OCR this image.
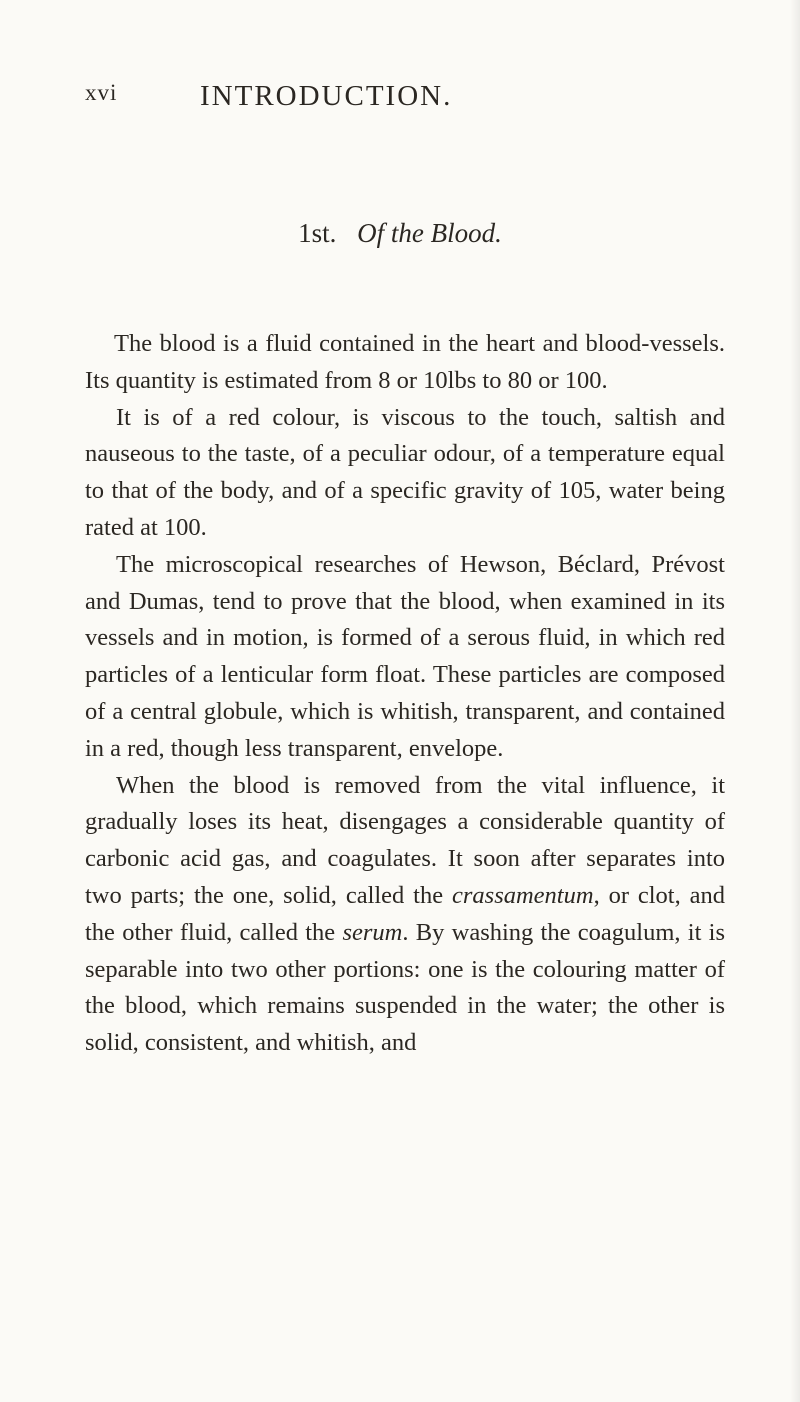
xvi	INTRODUCTION.
1st. Of the Blood.

The blood is a fluid contained in the heart and blood-vessels. Its quantity is estimated from 8 or 10lbs to 80 or 100.

It is of a red colour, is viscous to the touch, saltish and nauseous to the taste, of a peculiar odour, of a temperature equal to that of the body, and of a specific gravity of 105, water being rated at 100.

The microscopical researches of Hewson, Béclard, Prévost and Dumas, tend to prove that the blood, when examined in its vessels and in motion, is formed of a serous fluid, in which red particles of a lenticular form float. These particles are composed of a central globule, which is whitish, transparent, and contained in a red, though less transparent, envelope.

When the blood is removed from the vital influence, it gradually loses its heat, disengages a considerable quantity of carbonic acid gas, and coagulates. It soon after separates into two parts; the one, solid, called the crassamentum, or clot, and the other fluid, called the serum. By washing the coagulum, it is separable into two other portions: one is the colouring matter of the blood, which remains suspended in the water; the other is solid, consistent, and whitish, and
